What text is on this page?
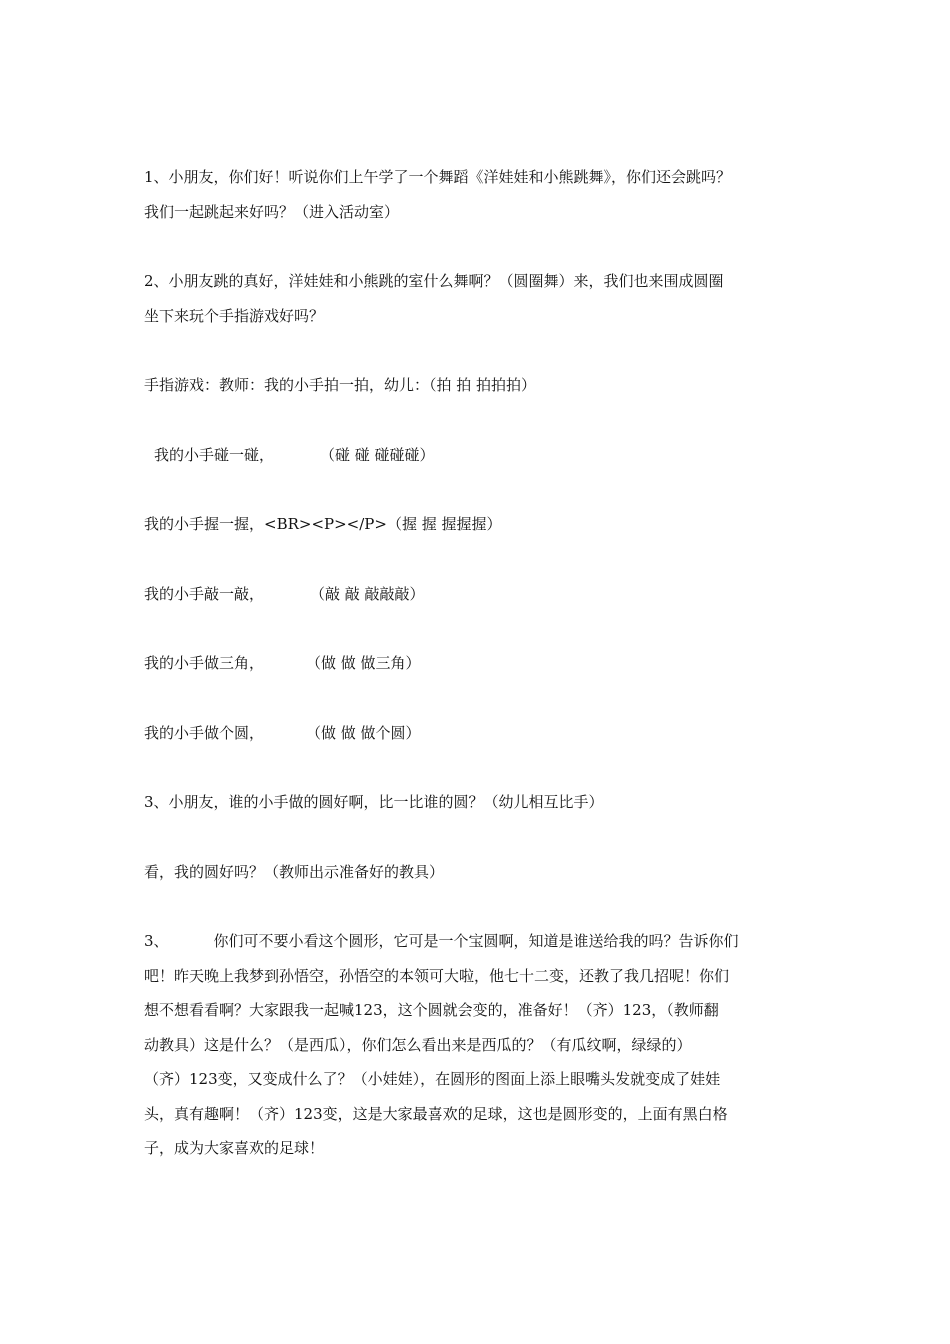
1、小朋友，你们好！听说你们上午学了一个舞蹈《洋娃娃和小熊跳舞》，你们还会跳吗？
我们一起跳起来好吗？（进入活动室）
2、小朋友跳的真好，洋娃娃和小熊跳的室什么舞啊？（圆圈舞）来，我们也来围成圆圈
坐下来玩个手指游戏好吗？
手指游戏：教师：我的小手拍一拍，幼儿：（拍 拍 拍拍拍）
我的小手碰一碰，	（碰 碰 碰碰碰）
我的小手握一握，<BR><P></P>（握 握 握握握）
我的小手敲一敲，	（敲 敲 敲敲敲）
我的小手做三角，	（做 做 做三角）
我的小手做个圆，	（做 做 做个圆）
3、小朋友，谁的小手做的圆好啊，比一比谁的圆？（幼儿相互比手）
看，我的圆好吗？（教师出示准备好的教具）
3、	你们可不要小看这个圆形，它可是一个宝圆啊，知道是谁送给我的吗？告诉你们
吧！昨天晚上我梦到孙悟空，孙悟空的本领可大啦，他七十二变，还教了我几招呢！你们
想不想看看啊？大家跟我一起喊123，这个圆就会变的，准备好！（齐）123，（教师翻
动教具）这是什么？（是西瓜），你们怎么看出来是西瓜的？（有瓜纹啊，绿绿的）
（齐）123变，又变成什么了？（小娃娃），在圆形的图面上添上眼嘴头发就变成了娃娃
头，真有趣啊！（齐）123变，这是大家最喜欢的足球，这也是圆形变的，上面有黑白格
子，成为大家喜欢的足球！
